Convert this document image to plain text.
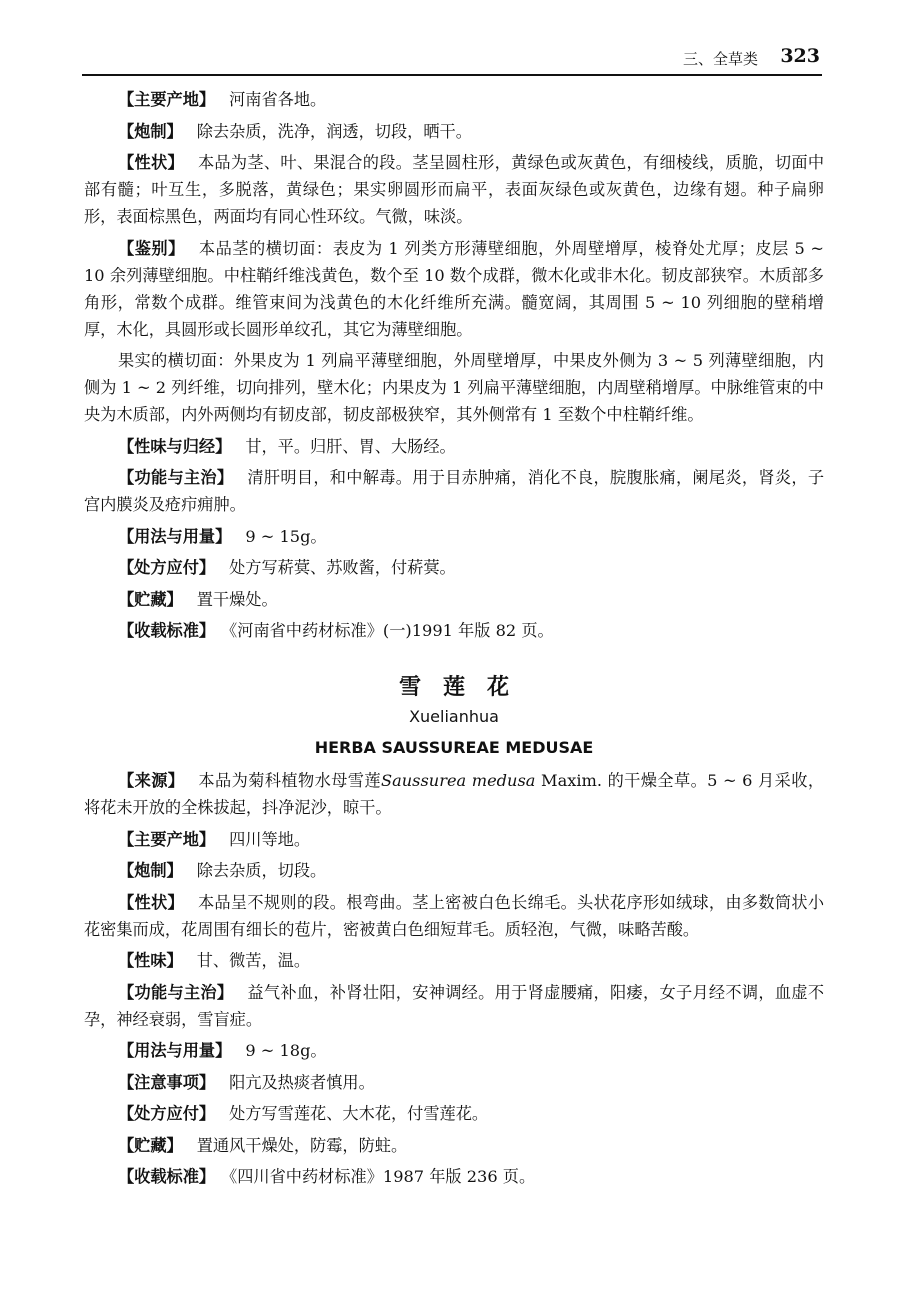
三、全草类 323

【主要产地】 河南省各地。

【炮制】 除去杂质，洗净，润透，切段，晒干。

【性状】 本品为茎、叶、果混合的段。茎呈圆柱形，黄绿色或灰黄色，有细棱线，质脆，切面中部有髓；叶互生，多脱落，黄绿色；果实卵圆形而扁平，表面灰绿色或灰黄色，边缘有翅。种子扁卵形，表面棕黑色，两面均有同心性环纹。气微，味淡。

【鉴别】 本品茎的横切面：表皮为 1 列类方形薄壁细胞，外周壁增厚，棱脊处尤厚；皮层 5 ~ 10 余列薄壁细胞。中柱鞘纤维浅黄色，数个至 10 数个成群，微木化或非木化。韧皮部狭窄。木质部多角形，常数个成群。维管束间为浅黄色的木化纤维所充满。髓宽阔，其周围 5 ~ 10 列细胞的壁稍增厚，木化，具圆形或长圆形单纹孔，其它为薄壁细胞。

果实的横切面：外果皮为 1 列扁平薄壁细胞，外周壁增厚，中果皮外侧为 3 ~ 5 列薄壁细胞，内侧为 1 ~ 2 列纤维，切向排列，壁木化；内果皮为 1 列扁平薄壁细胞，内周壁稍增厚。中脉维管束的中央为木质部，内外两侧均有韧皮部，韧皮部极狭窄，其外侧常有 1 至数个中柱鞘纤维。

【性味与归经】 甘，平。归肝、胃、大肠经。

【功能与主治】 清肝明目，和中解毒。用于目赤肿痛，消化不良，脘腹胀痛，阑尾炎，肾炎，子宫内膜炎及疮疖痈肿。

【用法与用量】 9 ~ 15g。

【处方应付】 处方写菥蓂、苏败酱，付菥蓂。

【贮藏】 置干燥处。

【收载标准】 《河南省中药材标准》(一)1991 年版 82 页。

雪莲花
Xuelianhua
HERBA SAUSSUREAE MEDUSAE

【来源】 本品为菊科植物水母雪莲Saussurea medusa Maxim. 的干燥全草。5 ~ 6 月采收，将花未开放的全株拔起，抖净泥沙，晾干。

【主要产地】 四川等地。

【炮制】 除去杂质，切段。

【性状】 本品呈不规则的段。根弯曲。茎上密被白色长绵毛。头状花序形如绒球，由多数筒状小花密集而成，花周围有细长的苞片，密被黄白色细短茸毛。质轻泡，气微，味略苦酸。

【性味】 甘、微苦，温。

【功能与主治】 益气补血，补肾壮阳，安神调经。用于肾虚腰痛，阳痿，女子月经不调，血虚不孕，神经衰弱，雪盲症。

【用法与用量】 9 ~ 18g。

【注意事项】 阳亢及热痰者慎用。

【处方应付】 处方写雪莲花、大木花，付雪莲花。

【贮藏】 置通风干燥处，防霉，防蛀。

【收载标准】 《四川省中药材标准》1987 年版 236 页。
